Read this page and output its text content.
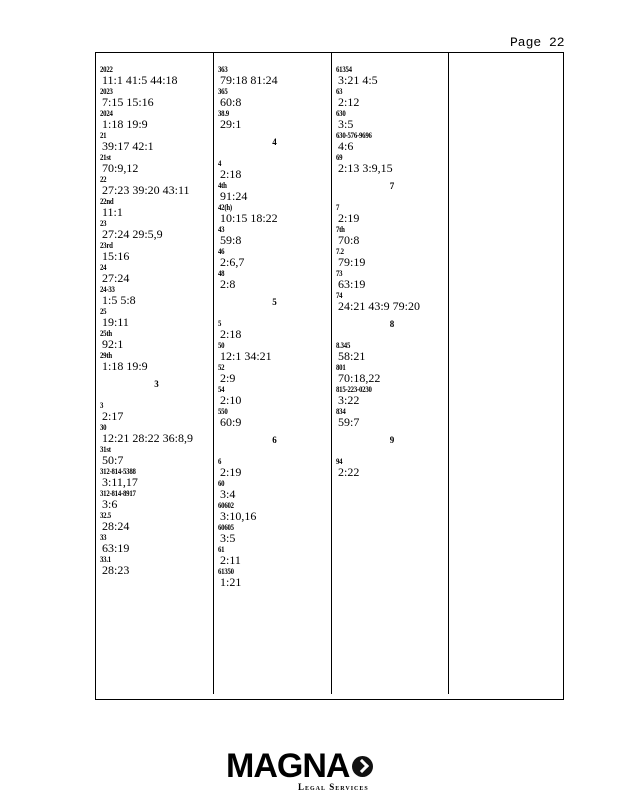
Page 22
2022
11:1 41:5 44:18
2023
7:15 15:16
2024
1:18 19:9
21
39:17 42:1
21st
70:9,12
22
27:23 39:20 43:11
22nd
11:1
23
27:24 29:5,9
23rd
15:16
24
27:24
24-33
1:5 5:8
25
19:11
25th
92:1
29th
1:18 19:9
3
3
2:17
30
12:21 28:22 36:8,9
31st
50:7
312-814-5388
3:11,17
312-814-8917
3:6
32.5
28:24
33
63:19
33.1
28:23
363
79:18 81:24
365
60:8
38.9
29:1
4
4
2:18
4th
91:24
42(h)
10:15 18:22
43
59:8
46
2:6,7
48
2:8
5
5
2:18
50
12:1 34:21
52
2:9
54
2:10
550
60:9
6
6
2:19
60
3:4
60602
3:10,16
60605
3:5
61
2:11
61350
1:21
61354
3:21 4:5
63
2:12
630
3:5
630-576-9696
4:6
69
2:13 3:9,15
7
7
2:19
7th
70:8
7.2
79:19
73
63:19
74
24:21 43:9 79:20
8
8.345
58:21
801
70:18,22
815-223-0230
3:22
834
59:7
9
94
2:22
MAGNA
Legal Services
